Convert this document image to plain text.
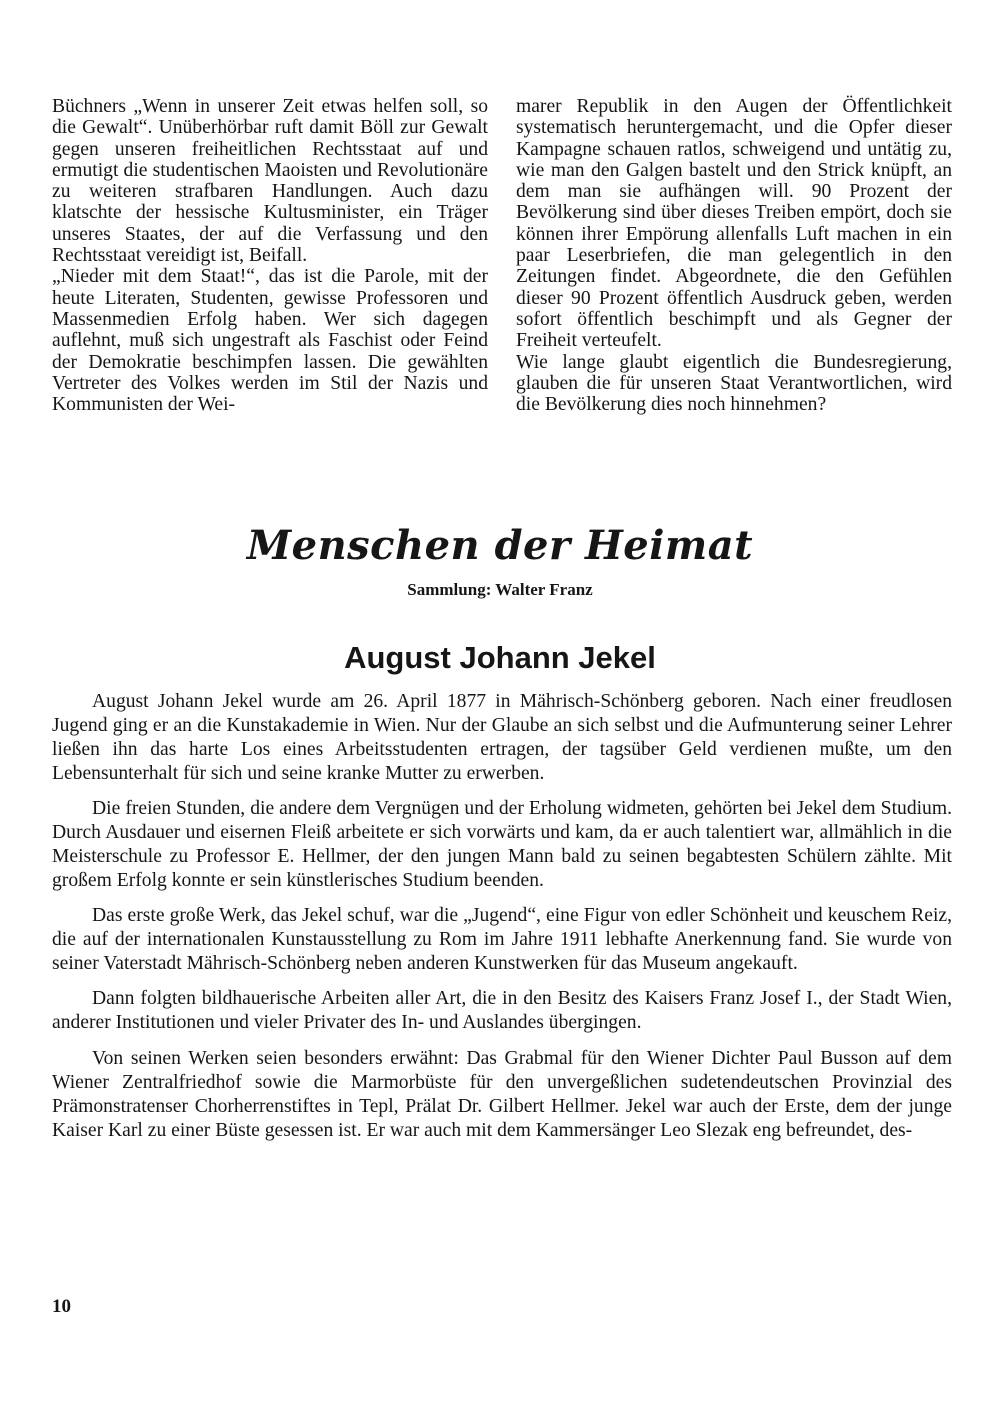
Büchners „Wenn in unserer Zeit etwas helfen soll, so die Gewalt“. Unüberhörbar ruft damit Böll zur Gewalt gegen unseren freiheitlichen Rechtsstaat auf und ermutigt die studentischen Maoisten und Revolutionäre zu weiteren strafbaren Handlungen. Auch dazu klatschte der hessische Kultusminister, ein Träger unseres Staates, der auf die Verfassung und den Rechtsstaat vereidigt ist, Beifall.

„Nieder mit dem Staat!“, das ist die Parole, mit der heute Literaten, Studenten, gewisse Professoren und Massenmedien Erfolg haben. Wer sich dagegen auflehnt, muß sich ungestraft als Faschist oder Feind der Demokratie beschimpfen lassen. Die gewählten Vertreter des Volkes werden im Stil der Nazis und Kommunisten der Wei-

marer Republik in den Augen der Öffentlichkeit systematisch heruntergemacht, und die Opfer dieser Kampagne schauen ratlos, schweigend und untätig zu, wie man den Galgen bastelt und den Strick knüpft, an dem man sie aufhängen will. 90 Prozent der Bevölkerung sind über dieses Treiben empört, doch sie können ihrer Empörung allenfalls Luft machen in ein paar Leserbriefen, die man gelegentlich in den Zeitungen findet. Abgeordnete, die den Gefühlen dieser 90 Prozent öffentlich Ausdruck geben, werden sofort öffentlich beschimpft und als Gegner der Freiheit verteufelt.

Wie lange glaubt eigentlich die Bundesregierung, glauben die für unseren Staat Verantwortlichen, wird die Bevölkerung dies noch hinnehmen?

Menschen der Heimat
Sammlung: Walter Franz
August Johann Jekel

August Johann Jekel wurde am 26. April 1877 in Mährisch-Schönberg geboren. Nach einer freudlosen Jugend ging er an die Kunstakademie in Wien. Nur der Glaube an sich selbst und die Aufmunterung seiner Lehrer ließen ihn das harte Los eines Arbeitsstudenten ertragen, der tagsüber Geld verdienen mußte, um den Lebensunterhalt für sich und seine kranke Mutter zu erwerben.

Die freien Stunden, die andere dem Vergnügen und der Erholung widmeten, gehörten bei Jekel dem Studium. Durch Ausdauer und eisernen Fleiß arbeitete er sich vorwärts und kam, da er auch talentiert war, allmählich in die Meisterschule zu Professor E. Hellmer, der den jungen Mann bald zu seinen begabtesten Schülern zählte. Mit großem Erfolg konnte er sein künstlerisches Studium beenden.

Das erste große Werk, das Jekel schuf, war die „Jugend“, eine Figur von edler Schönheit und keuschem Reiz, die auf der internationalen Kunstausstellung zu Rom im Jahre 1911 lebhafte Anerkennung fand. Sie wurde von seiner Vaterstadt Mährisch-Schönberg neben anderen Kunstwerken für das Museum angekauft.

Dann folgten bildhauerische Arbeiten aller Art, die in den Besitz des Kaisers Franz Josef I., der Stadt Wien, anderer Institutionen und vieler Privater des In- und Auslandes übergingen.

Von seinen Werken seien besonders erwähnt: Das Grabmal für den Wiener Dichter Paul Busson auf dem Wiener Zentralfriedhof sowie die Marmorbüste für den unvergeßlichen sudetendeutschen Provinzial des Prämonstratenser Chorherrenstiftes in Tepl, Prälat Dr. Gilbert Hellmer. Jekel war auch der Erste, dem der junge Kaiser Karl zu einer Büste gesessen ist. Er war auch mit dem Kammersänger Leo Slezak eng befreundet, des-

10
